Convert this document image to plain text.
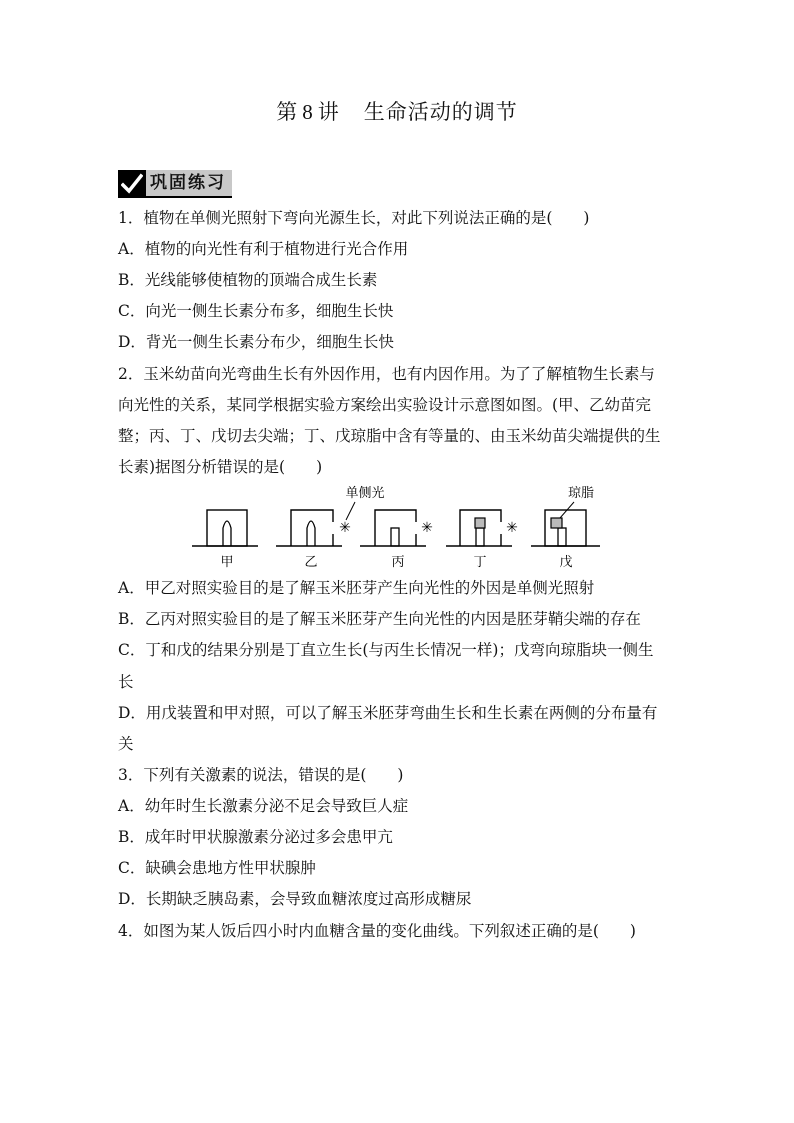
第 8 讲 生命活动的调节
巩固练习
1．植物在单侧光照射下弯向光源生长，对此下列说法正确的是(　　)
A．植物的向光性有利于植物进行光合作用
B．光线能够使植物的顶端合成生长素
C．向光一侧生长素分布多，细胞生长快
D．背光一侧生长素分布少，细胞生长快
2．玉米幼苗向光弯曲生长有外因作用，也有内因作用。为了了解植物生长素与
向光性的关系，某同学根据实验方案绘出实验设计示意图如图。(甲、乙幼苗完
整；丙、丁、戊切去尖端；丁、戊琼脂中含有等量的、由玉米幼苗尖端提供的生
长素)据图分析错误的是(　　)
甲
✳
单侧光
乙
✳
丙
✳
丁
琼脂
戊
A．甲乙对照实验目的是了解玉米胚芽产生向光性的外因是单侧光照射
B．乙丙对照实验目的是了解玉米胚芽产生向光性的内因是胚芽鞘尖端的存在
C．丁和戊的结果分别是丁直立生长(与丙生长情况一样)；戊弯向琼脂块一侧生
长
D．用戊装置和甲对照，可以了解玉米胚芽弯曲生长和生长素在两侧的分布量有
关
3．下列有关激素的说法，错误的是(　　)
A．幼年时生长激素分泌不足会导致巨人症
B．成年时甲状腺激素分泌过多会患甲亢
C．缺碘会患地方性甲状腺肿
D．长期缺乏胰岛素，会导致血糖浓度过高形成糖尿
4．如图为某人饭后四小时内血糖含量的变化曲线。下列叙述正确的是(　　)
